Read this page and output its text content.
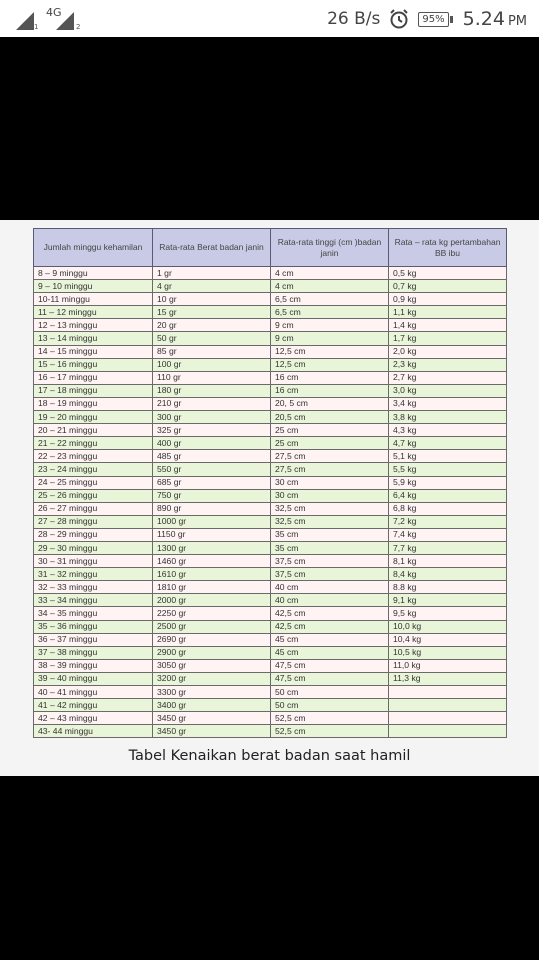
1
4G
2	26 B/s	95% 5.24 PM
Jumlah minggu kehamilan	Rata-rata Berat badan janin	Rata-rata tinggi (cm )badan janin	Rata – rata kg pertambahan BB ibu
8 – 9 minggu	1 gr	4 cm	0,5 kg
9 – 10 minggu	4 gr	4 cm	0,7 kg
10-11 minggu	10 gr	6,5 cm	0,9 kg
11 – 12 minggu	15 gr	6,5 cm	1,1 kg
12 – 13 minggu	20 gr	9 cm	1,4 kg
13 – 14 minggu	50 gr	9 cm	1,7 kg
14 – 15 minggu	85 gr	12,5 cm	2,0 kg
15 – 16 minggu	100 gr	12,5 cm	2,3 kg
16 – 17 minggu	110 gr	16 cm	2,7 kg
17 – 18 minggu	180 gr	16 cm	3,0 kg
18 – 19 minggu	210 gr	20, 5 cm	3,4 kg
19 – 20 minggu	300 gr	20,5 cm	3,8 kg
20 – 21 minggu	325 gr	25 cm	4,3 kg
21 – 22 minggu	400 gr	25 cm	4,7 kg
22 – 23 minggu	485 gr	27,5 cm	5,1 kg
23 – 24 minggu	550 gr	27,5 cm	5,5 kg
24 – 25 minggu	685 gr	30 cm	5,9 kg
25 – 26 minggu	750 gr	30 cm	6,4 kg
26 – 27 minggu	890 gr	32,5 cm	6,8 kg
27 – 28 minggu	1000 gr	32,5 cm	7,2 kg
28 – 29 minggu	1150 gr	35 cm	7,4 kg
29 – 30 minggu	1300 gr	35 cm	7,7 kg
30 – 31 minggu	1460 gr	37,5 cm	8,1 kg
31 – 32 minggu	1610 gr	37,5 cm	8,4 kg
32 – 33 minggu	1810 gr	40 cm	8.8 kg
33 – 34 minggu	2000 gr	40 cm	9,1 kg
34 – 35 minggu	2250 gr	42,5 cm	9,5 kg
35 – 36 minggu	2500 gr	42,5 cm	10,0 kg
36 – 37 minggu	2690 gr	45 cm	10,4 kg
37 – 38 minggu	2900 gr	45 cm	10,5 kg
38 – 39 minggu	3050 gr	47,5 cm	11,0 kg
39 – 40 minggu	3200 gr	47,5 cm	11,3 kg
40 – 41 minggu	3300 gr	50 cm	
41 – 42 minggu	3400 gr	50 cm	
42 – 43 minggu	3450 gr	52,5 cm	
43- 44 minggu	3450 gr	52,5 cm	
Tabel Kenaikan berat badan saat hamil
